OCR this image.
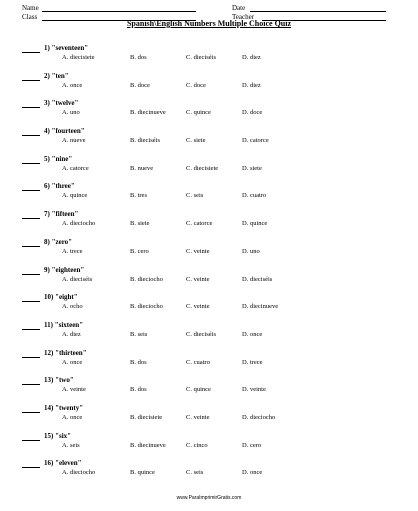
Name
Class
Date
Teacher
Spanish\English Numbers Multiple Choice Quiz
1) "seventeen"
A. diecisiete	B. dos	C. dieciséis	D. diez
2) "ten"
A. once	B. doce	C. doce	D. diez
3) "twelve"
A. uno	B. diecinueve	C. quince	D. doce
4) "fourteen"
A. nueve	B. dieciséis	C. siete	D. catorce
5) "nine"
A. catorce	B. nueve	C. diecisiete	D. siete
6) "three"
A. quince	B. tres	C. seis	D. cuatro
7) "fifteen"
A. dieciocho	B. siete	C. catorce	D. quince
8) "zero"
A. trece	B. cero	C. veinte	D. uno
9) "eighteen"
A. dieciséis	B. dieciocho	C. veinte	D. dieciséis
10) "eight"
A. ocho	B. dieciocho	C. veinte	D. diecinueve
11) "sixteen"
A. diez	B. seis	C. dieciséis	D. once
12) "thirteen"
A. once	B. dos	C. cuatro	D. trece
13) "two"
A. veinte	B. dos	C. quince	D. veinte
14) "twenty"
A. once	B. diecisiete	C. veinte	D. dieciocho
15) "six"
A. seis	B. diecinueve	C. cinco	D. cero
16) "eleven"
A. dieciocho	B. quince	C. seis	D. once
www.ParaImprimirGratis.com
